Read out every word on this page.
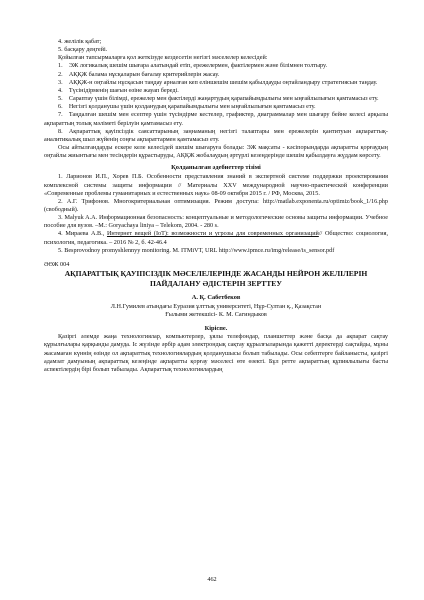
4. желілік қабат;

5. басқару деңгейі.

Қойылған тапсырмаларға қол жеткізуде кездесетін негізгі мәселелер келесідей:

1. ЭЖ логикалық шешім шығара алатындай етіп, ережелермен, фактілермен және білімнен толтыру.

2. АҚҚЖ балама нұсқаларын бағалау критерийлерін жасау.

3. АҚҚЖ-н оңтайлы нұсқасын таңдау арналған кеп еліншешім шешім қабылдауды оңтайландыру стратегиясын таңдау.

4. Түсінідірменің шағын өзіне жауап береді.

5. Сараптау үшін білімді, ережелер мен фактілерді жаңартудың қарапайымдылығы мен ыңғайлылығын қамтамасыз ету.

6. Негізгі қолданушы үшін қолданудың қарапайымдылығы мен ыңғайлылығын қамтамасыз ету.

7. Таңдалған шешім мен есептер үшін түсіндірме кестелер, графиктер, диаграммалар мен шығару бейне келесі арқылы ақпараттың толық мәліметі берілуін қамтамасыз ету.

8. Ақпараттық қауіпсіздік саясаттарының заңнаманың негізгі талаптары мен ережелерін қантитуын ақпараттық-аналитикалық шыл жүйенің соңғы ақпараттармен қамтамасыз ету.

Осы айтылғандарды ескере келе келесідей шешім шығаруға болады: ЭЖ мақсаты - кәсіпорындарда ақпаратты қорғаудың оңтайлы жиынтығы мен тесіндерін құрастыруды, АҚҚЖ жобалаудың әртүрлі кезеңдерінде шешім қабылдауға жүддам көрсету.

Қолданылған әдебиеттер тізімі

1. Ларионов И.П., Хорев П.Б. Особенности представления знаний в экспертной системе поддержки проектирования комплексной системы защиты информации // Материалы XXV международной научно-практической конференции «Современные проблемы гуманитарных и естественных наук» 08-09 октября 2015 г. / РФ, Москва, 2015.

2. А.Г. Трифонов. Многокритериальная оптимизация. Режим доступа: http://matlab.exponenta.ru/optimiz/book_1/16.php (свободный).

3. Malyuk A.A. Информационная безопасность: концептуальные и методологические основы защиты информации. Учебное пособие для вузов. –М.: Goryachaya liniya – Telekom, 2004. - 280 s.

4. Мираева А.В., Интернет вещей (IoT): возможности и угрозы для современных организаций// Общество: социология, психология, педагогика. – 2016 № 2, б. 42-46.4

5. Besprovodnoy promyshlennyy monitoring. M. ITMiVT, URL http://www.ipmce.ru/img/release/is_sensor.pdf

ӘӨЖ 004

АҚПАРАТТЫҚ ҚАУІПСІЗДІК МӘСЕЛЕЛЕРІНДЕ ЖАСАНДЫ НЕЙРОН ЖЕЛІЛЕРІН ПАЙДАЛАНУ ӘДІСТЕРІН ЗЕРТТЕУ

А. Қ. Сабетбеков

Л.Н.Гумилев атындағы Еуразия ұлттық университеті, Нұр-Султан қ., Қазақстан

Ғылыми жетекшісі- К. М. Сагиндыков

Кіріспе.

Қазіргі әлемде жаңа технологиялар, компьютерлер, ұялы телефондар, планшеттер және басқа да ақпарат сақтау құрылғылары қарқынды дамуда. Іс жүзінде әрбір адам электрондық сақтау құрылғыларында қажетті деректерді сақтайды, мұны жасамаған күннің өзінде ол ақпараттық технологиялардың қолданушысы болып табылады. Осы себептерге байланысты, қазіргі адамзат дамуының ақпараттық кезеңінде ақпаратты қорғау мәселесі өте өзекті. Бұл ретте ақпараттың құпиялылығы басты аспектілердің бірі болып табылады. Ақпараттық технологиялардың

462
